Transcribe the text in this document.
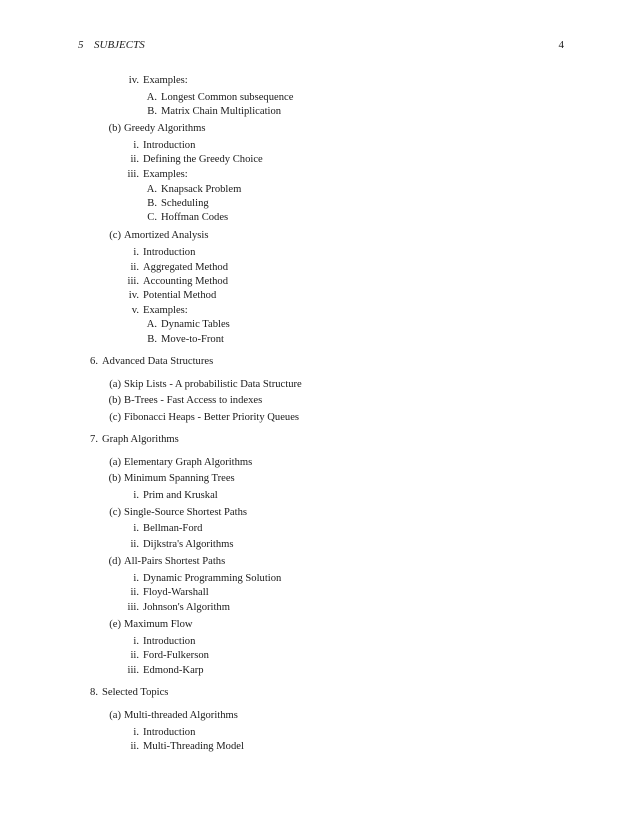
5 SUBJECTS	4
iv. Examples:
A. Longest Common subsequence
B. Matrix Chain Multiplication
(b) Greedy Algorithms
i. Introduction
ii. Defining the Greedy Choice
iii. Examples:
A. Knapsack Problem
B. Scheduling
C. Hoffman Codes
(c) Amortized Analysis
i. Introduction
ii. Aggregated Method
iii. Accounting Method
iv. Potential Method
v. Examples:
A. Dynamic Tables
B. Move-to-Front
6. Advanced Data Structures
(a) Skip Lists - A probabilistic Data Structure
(b) B-Trees - Fast Access to indexes
(c) Fibonacci Heaps - Better Priority Queues
7. Graph Algorithms
(a) Elementary Graph Algorithms
(b) Minimum Spanning Trees
i. Prim and Kruskal
(c) Single-Source Shortest Paths
i. Bellman-Ford
ii. Dijkstra's Algorithms
(d) All-Pairs Shortest Paths
i. Dynamic Programming Solution
ii. Floyd-Warshall
iii. Johnson's Algorithm
(e) Maximum Flow
i. Introduction
ii. Ford-Fulkerson
iii. Edmond-Karp
8. Selected Topics
(a) Multi-threaded Algorithms
i. Introduction
ii. Multi-Threading Model
